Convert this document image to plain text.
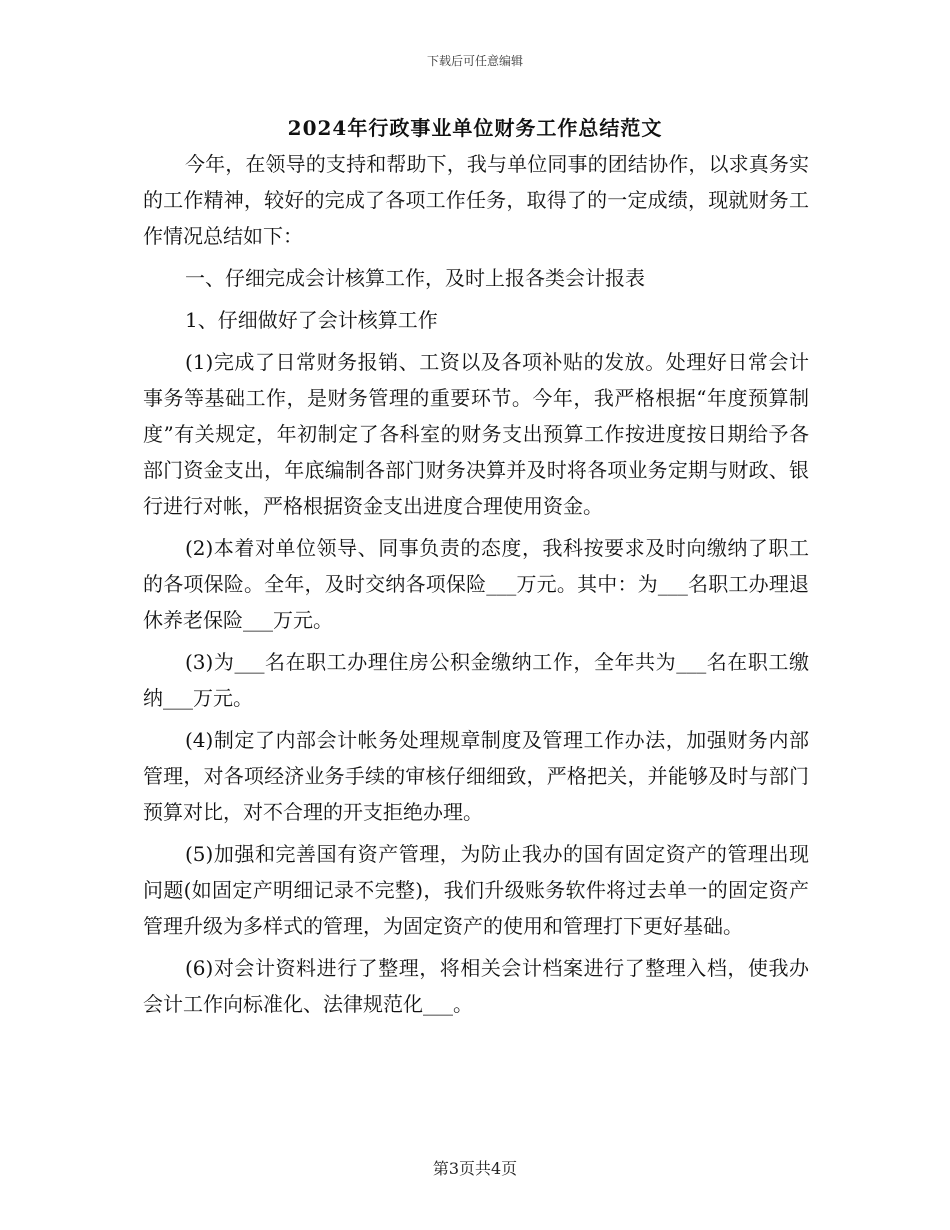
下载后可任意编辑
2024年行政事业单位财务工作总结范文

今年，在领导的支持和帮助下，我与单位同事的团结协作，以求真务实的工作精神，较好的完成了各项工作任务，取得了的一定成绩，现就财务工作情况总结如下：

一、仔细完成会计核算工作，及时上报各类会计报表

1、仔细做好了会计核算工作

(1)完成了日常财务报销、工资以及各项补贴的发放。处理好日常会计事务等基础工作，是财务管理的重要环节。今年，我严格根据“年度预算制度”有关规定，年初制定了各科室的财务支出预算工作按进度按日期给予各部门资金支出，年底编制各部门财务决算并及时将各项业务定期与财政、银行进行对帐，严格根据资金支出进度合理使用资金。

(2)本着对单位领导、同事负责的态度，我科按要求及时向缴纳了职工的各项保险。全年，及时交纳各项保险___万元。其中：为___名职工办理退休养老保险___万元。

(3)为___名在职工办理住房公积金缴纳工作，全年共为___名在职工缴纳___万元。

(4)制定了内部会计帐务处理规章制度及管理工作办法，加强财务内部管理，对各项经济业务手续的审核仔细细致，严格把关，并能够及时与部门预算对比，对不合理的开支拒绝办理。

(5)加强和完善国有资产管理，为防止我办的国有固定资产的管理出现问题(如固定产明细记录不完整)，我们升级账务软件将过去单一的固定资产管理升级为多样式的管理，为固定资产的使用和管理打下更好基础。

(6)对会计资料进行了整理，将相关会计档案进行了整理入档，使我办会计工作向标准化、法律规范化___。

第3页共4页
